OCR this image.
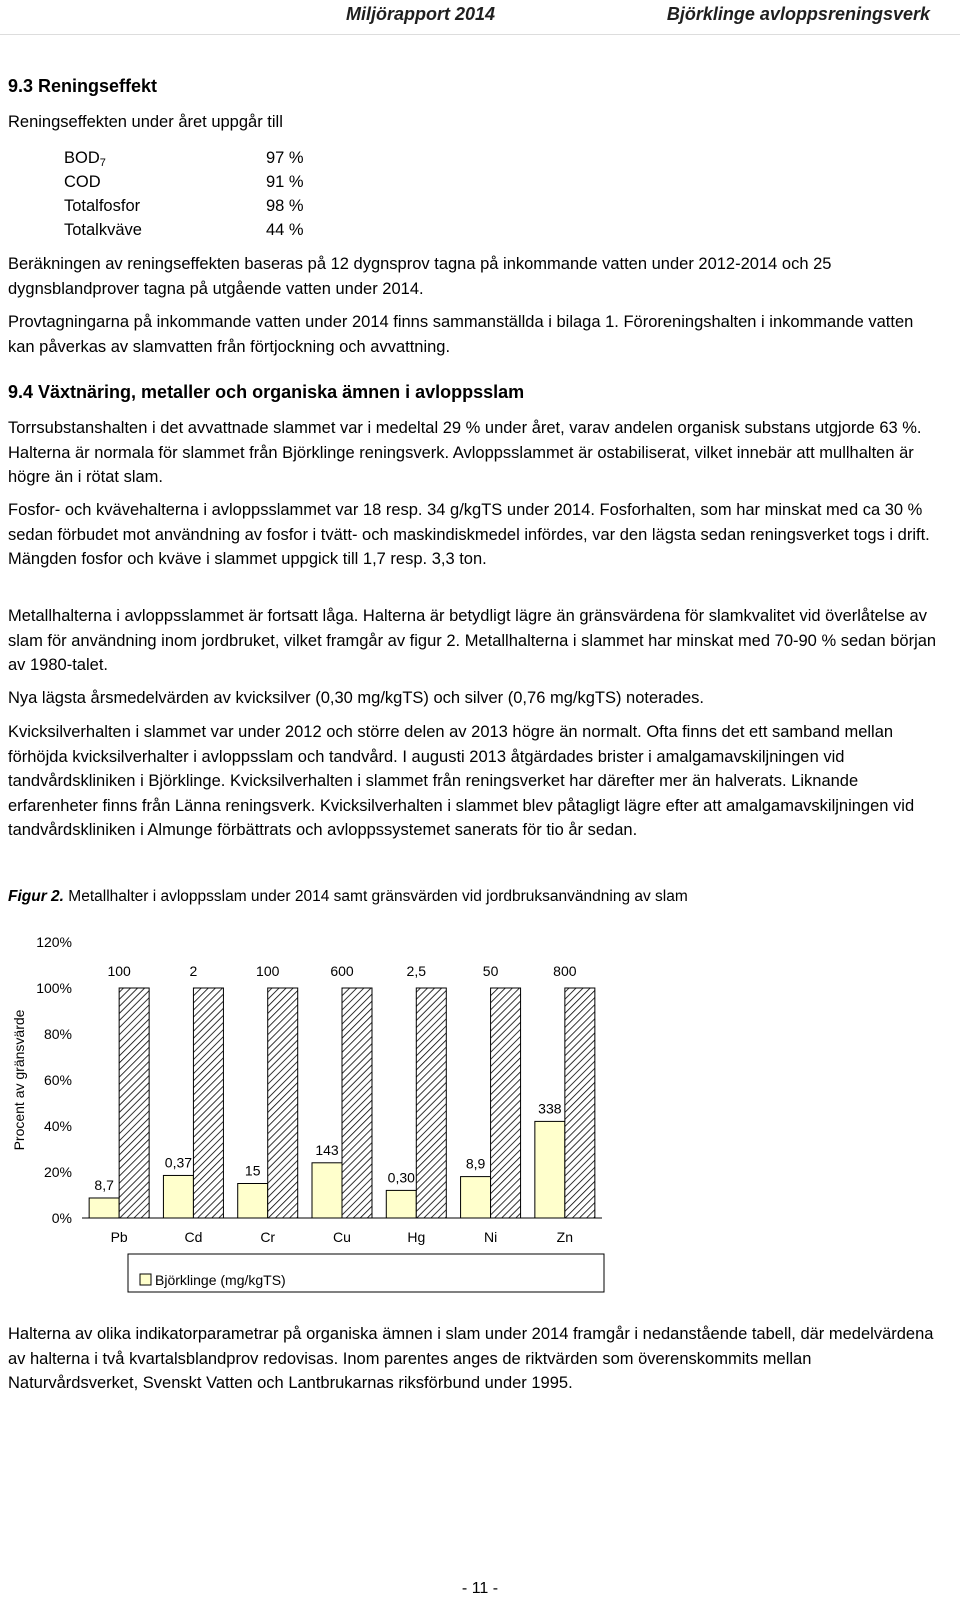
Miljörapport 2014	Björklinge avloppsreningsverk
9.3 Reningseffekt
Reningseffekten under året uppgår till
$BOD_7$	97 %
COD	91 %
Totalfosfor	98 %
Totalkväve	44 %
Beräkningen av reningseffekten baseras på 12 dygnsprov tagna på inkommande vatten under 2012-2014 och 25 dygnsblandprover tagna på utgående vatten under 2014.
Provtagningarna på inkommande vatten under 2014 finns sammanställda i bilaga 1. Föroreningshalten i inkommande vatten kan påverkas av slamvatten från förtjockning och avvattning.
9.4 Växtnäring, metaller och organiska ämnen i avloppsslam
Torrsubstanshalten i det avvattnade slammet var i medeltal 29 % under året, varav andelen organisk substans utgjorde 63 %. Halterna är normala för slammet från Björklinge reningsverk. Avloppsslammet är ostabiliserat, vilket innebär att mullhalten är högre än i rötat slam.
Fosfor- och kvävehalterna i avloppsslammet var 18 resp. 34 g/kgTS under 2014. Fosforhalten, som har minskat med ca 30 % sedan förbudet mot användning av fosfor i tvätt- och maskindiskmedel infördes, var den lägsta sedan reningsverket togs i drift. Mängden fosfor och kväve i slammet uppgick till 1,7 resp. 3,3 ton.
Metallhalterna i avloppsslammet är fortsatt låga. Halterna är betydligt lägre än gränsvärdena för slamkvalitet vid överlåtelse av slam för användning inom jordbruket, vilket framgår av figur 2. Metallhalterna i slammet har minskat med 70-90 % sedan början av 1980-talet.
Nya lägsta årsmedelvärden av kvicksilver (0,30 mg/kgTS) och silver (0,76 mg/kgTS) noterades.
Kvicksilverhalten i slammet var under 2012 och större delen av 2013 högre än normalt. Ofta finns det ett samband mellan förhöjda kvicksilverhalter i avloppsslam och tandvård. I augusti 2013 åtgärdades brister i amalgamavskiljningen vid tandvårdskliniken i Björklinge. Kvicksilverhalten i slammet från reningsverket har därefter mer än halverats. Liknande erfarenheter finns från Länna reningsverk. Kvicksilverhalten i slammet blev påtagligt lägre efter att amalgamavskiljningen vid tandvårdskliniken i Almunge förbättrats och avloppssystemet sanerats för tio år sedan.
Figur 2. Metallhalter i avloppsslam under 2014 samt gränsvärden vid jordbruksanvändning av slam
0%
20%
40%
60%
80%
100%
120%
Procent av gränsvärde
8,7
100
Pb
0,37
2
Cd
15
100
Cr
143
600
Cu
0,30
2,5
Hg
8,9
50
Ni
338
800
Zn
Björklinge (mg/kgTS)
Halterna av olika indikatorparametrar på organiska ämnen i slam under 2014 framgår i nedanstående tabell, där medelvärdena av halterna i två kvartalsblandprov redovisas. Inom parentes anges de riktvärden som överenskommits mellan Naturvårdsverket, Svenskt Vatten och Lantbrukarnas riksförbund under 1995.
- 11 -
